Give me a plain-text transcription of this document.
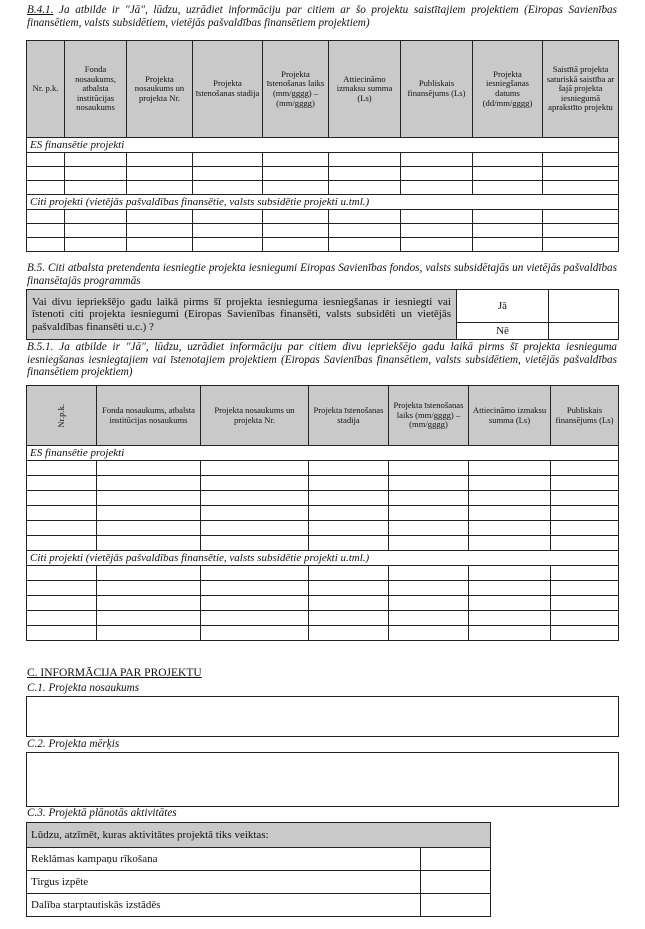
B.4.1. Ja atbilde ir "Jā", lūdzu, uzrādiet informāciju par citiem ar šo projektu saistītajiem projektiem (Eiropas Savienības finansētiem, valsts subsidētiem, vietējās pašvaldības finansētiem projektiem)
Nr. p.k.	Fonda nosaukums, atbalsta institūcijas nosaukums	Projekta nosaukums un projekta Nr.	Projekta īstenošanas stadija	Projekta īstenošanas laiks (mm/gggg) – (mm/gggg)	Attiecināmo izmaksu summa (Ls)	Publiskais finansējums (Ls)	Projekta iesniegšanas datums (dd/mm/gggg)	Saistītā projekta saturiskā saistība ar šajā projekta iesniegumā aprakstīto projektu
ES finansētie projekti								

Citi projekti (vietējās pašvaldības finansētie, valsts subsidētie projekti u.tml.)								

B.5. Citi atbalsta pretendenta iesniegtie projekta iesniegumi Eiropas Savienības fondos, valsts subsidētajās un vietējās pašvaldības finansētajās programmās
Vai divu iepriekšējo gadu laikā pirms šī projekta iesnieguma iesniegšanas ir iesniegti vai īstenoti citi projekta iesniegumi (Eiropas Savienības finansēti, valsts subsidēti un vietējās pašvaldības finansēti u.c.) ?	Jā	
	Nē	
B.5.1. Ja atbilde ir "Jā", lūdzu, uzrādiet informāciju par citiem divu iepriekšējo gadu laikā pirms šī projekta iesnieguma iesniegšanas iesniegtajiem vai īstenotajiem projektiem (Eiropas Savienības finansētiem, valsts subsidētiem, vietējās pašvaldības finansētiem projektiem)
Nr.p.k.	Fonda nosaukums, atbalsta institūcijas nosaukums	Projekta nosaukums un projekta Nr.	Projekta īstenošanas stadija	Projekta īstenošanas laiks (mm/gggg) – (mm/gggg)	Attiecināmo izmaksu summa (Ls)	Publiskais finansējums (Ls)
ES finansētie projekti						

Citi projekti (vietējās pašvaldības finansētie, valsts subsidētie projekti u.tml.)						

C. INFORMĀCIJA PAR PROJEKTU
C.1. Projekta nosaukums
C.2. Projekta mērķis
C.3. Projektā plānotās aktivitātes
Lūdzu, atzīmēt, kuras aktivitātes projektā tiks veiktas:	
Reklāmas kampaņu rīkošana	
Tirgus izpēte	
Dalība starptautiskās izstādēs	
